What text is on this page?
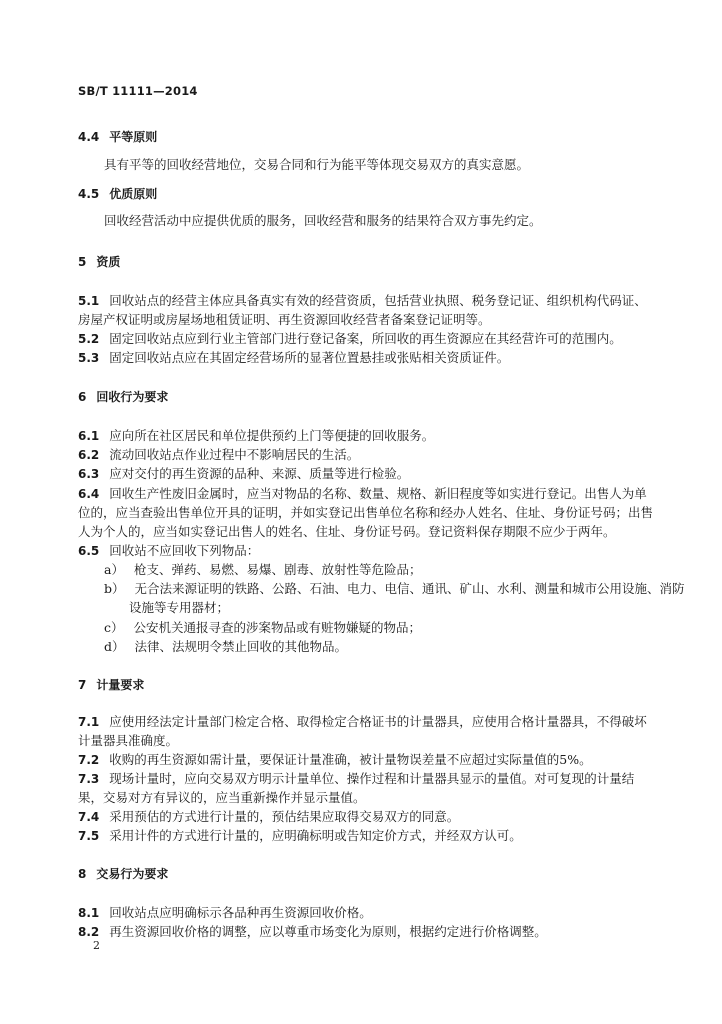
SB/T 11111—2014
4.4 平等原则
具有平等的回收经营地位，交易合同和行为能平等体现交易双方的真实意愿。
4.5 优质原则
回收经营活动中应提供优质的服务，回收经营和服务的结果符合双方事先约定。
5 资质
5.1 回收站点的经营主体应具备真实有效的经营资质，包括营业执照、税务登记证、组织机构代码证、
房屋产权证明或房屋场地租赁证明、再生资源回收经营者备案登记证明等。
5.2 固定回收站点应到行业主管部门进行登记备案，所回收的再生资源应在其经营许可的范围内。
5.3 固定回收站点应在其固定经营场所的显著位置悬挂或张贴相关资质证件。
6 回收行为要求
6.1 应向所在社区居民和单位提供预约上门等便捷的回收服务。
6.2 流动回收站点作业过程中不影响居民的生活。
6.3 应对交付的再生资源的品种、来源、质量等进行检验。
6.4 回收生产性废旧金属时，应当对物品的名称、数量、规格、新旧程度等如实进行登记。出售人为单
位的，应当查验出售单位开具的证明，并如实登记出售单位名称和经办人姓名、住址、身份证号码；出售
人为个人的，应当如实登记出售人的姓名、住址、身份证号码。登记资料保存期限不应少于两年。
6.5 回收站不应回收下列物品：
a） 枪支、弹药、易燃、易爆、剧毒、放射性等危险品；
b） 无合法来源证明的铁路、公路、石油、电力、电信、通讯、矿山、水利、测量和城市公用设施、消防
设施等专用器材；
c） 公安机关通报寻查的涉案物品或有赃物嫌疑的物品；
d） 法律、法规明令禁止回收的其他物品。
7 计量要求
7.1 应使用经法定计量部门检定合格、取得检定合格证书的计量器具，应使用合格计量器具，不得破坏
计量器具准确度。
7.2 收购的再生资源如需计量，要保证计量准确，被计量物误差量不应超过实际量值的5%。
7.3 现场计量时，应向交易双方明示计量单位、操作过程和计量器具显示的量值。对可复现的计量结
果，交易对方有异议的，应当重新操作并显示量值。
7.4 采用预估的方式进行计量的，预估结果应取得交易双方的同意。
7.5 采用计件的方式进行计量的，应明确标明或告知定价方式，并经双方认可。
8 交易行为要求
8.1 回收站点应明确标示各品种再生资源回收价格。
8.2 再生资源回收价格的调整，应以尊重市场变化为原则，根据约定进行价格调整。
2
